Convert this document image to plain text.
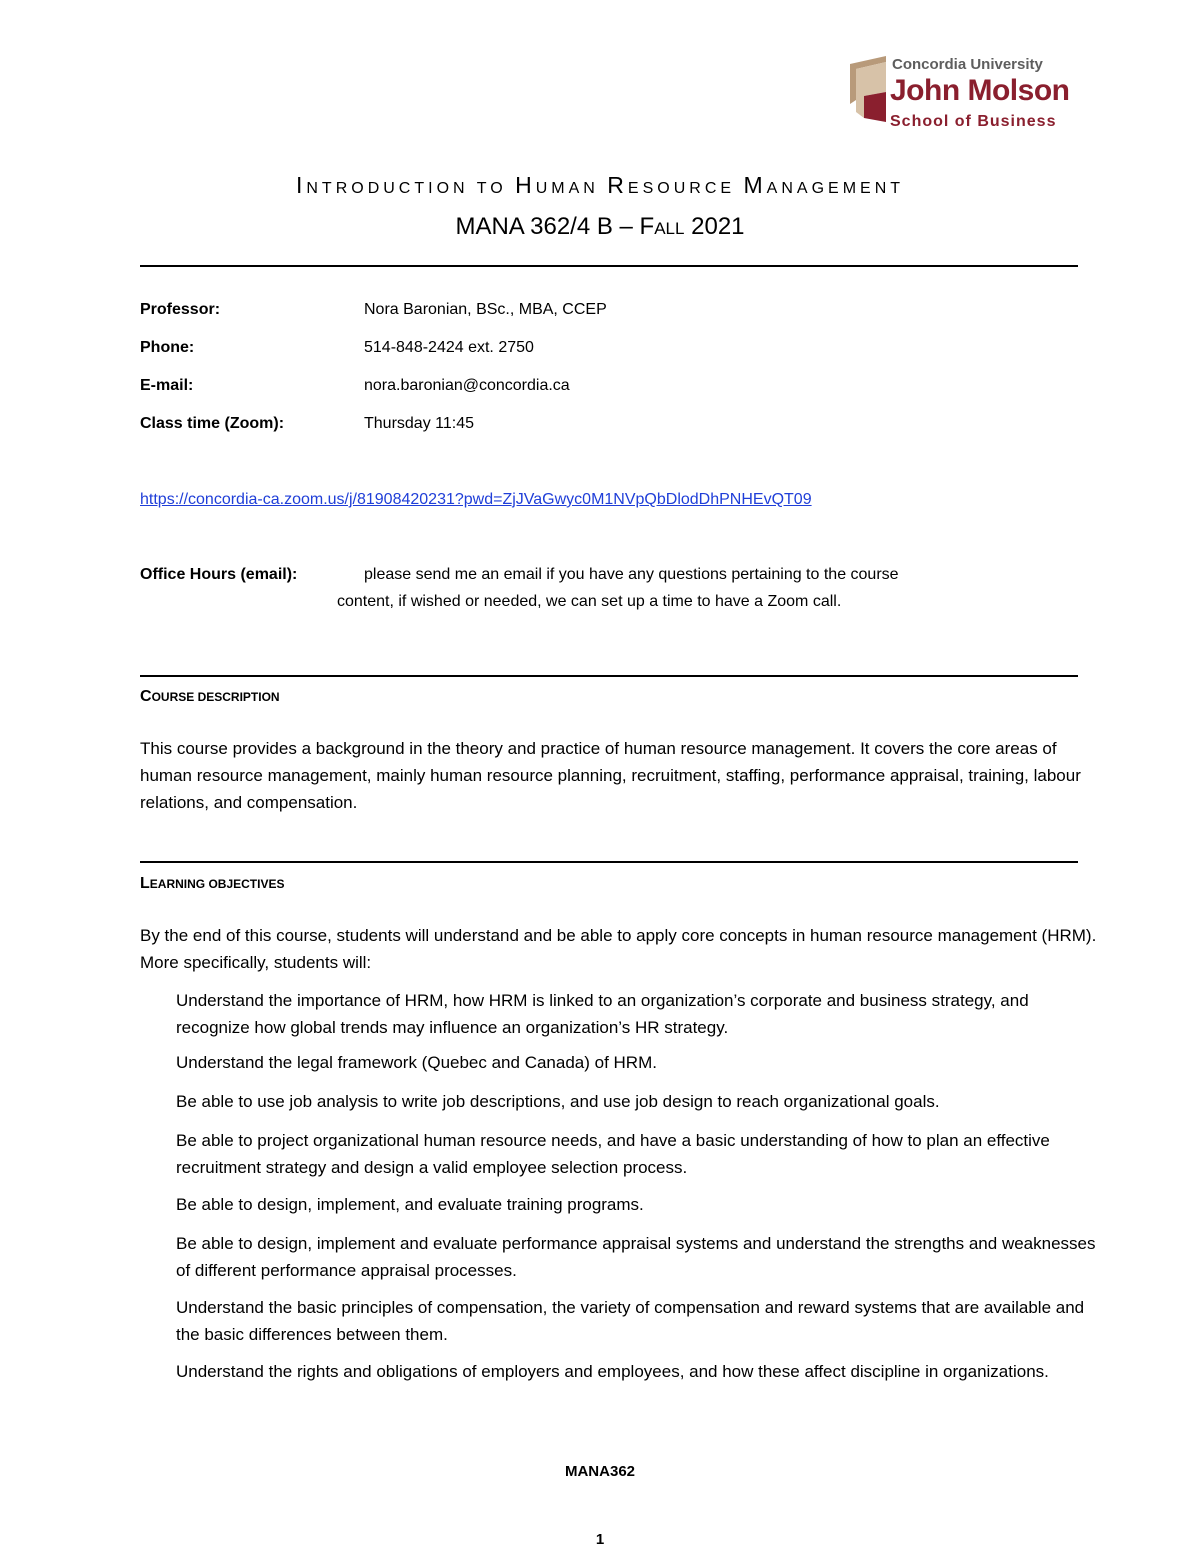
Concordia University
John Molson
School of Business
INTRODUCTION TO HUMAN RESOURCE MANAGEMENT
MANA 362/4 B – FALL 2021
Professor:	Nora Baronian, BSc., MBA, CCEP
Phone:	514-848-2424 ext. 2750
E-mail:	nora.baronian@concordia.ca
Class time (Zoom):	Thursday 11:45
https://concordia-ca.zoom.us/j/81908420231?pwd=ZjJVaGwyc0M1NVpQbDlodDhPNHEvQT09
Office Hours (email):	please send me an email if you have any questions pertaining to the course
content, if wished or needed, we can set up a time to have a Zoom call.
COURSE DESCRIPTION
This course provides a background in the theory and practice of human resource management. It covers the core areas of human resource management, mainly human resource planning, recruitment, staffing, performance appraisal, training, labour relations, and compensation.
LEARNING OBJECTIVES
By the end of this course, students will understand and be able to apply core concepts in human resource management (HRM). More specifically, students will:
Understand the importance of HRM, how HRM is linked to an organization’s corporate and business strategy, and recognize how global trends may influence an organization’s HR strategy.
Understand the legal framework (Quebec and Canada) of HRM.
Be able to use job analysis to write job descriptions, and use job design to reach organizational goals.
Be able to project organizational human resource needs, and have a basic understanding of how to plan an effective recruitment strategy and design a valid employee selection process.
Be able to design, implement, and evaluate training programs.
Be able to design, implement and evaluate performance appraisal systems and understand the strengths and weaknesses of different performance appraisal processes.
Understand the basic principles of compensation, the variety of compensation and reward systems that are available and the basic differences between them.
Understand the rights and obligations of employers and employees, and how these affect discipline in organizations.
MANA362
1
